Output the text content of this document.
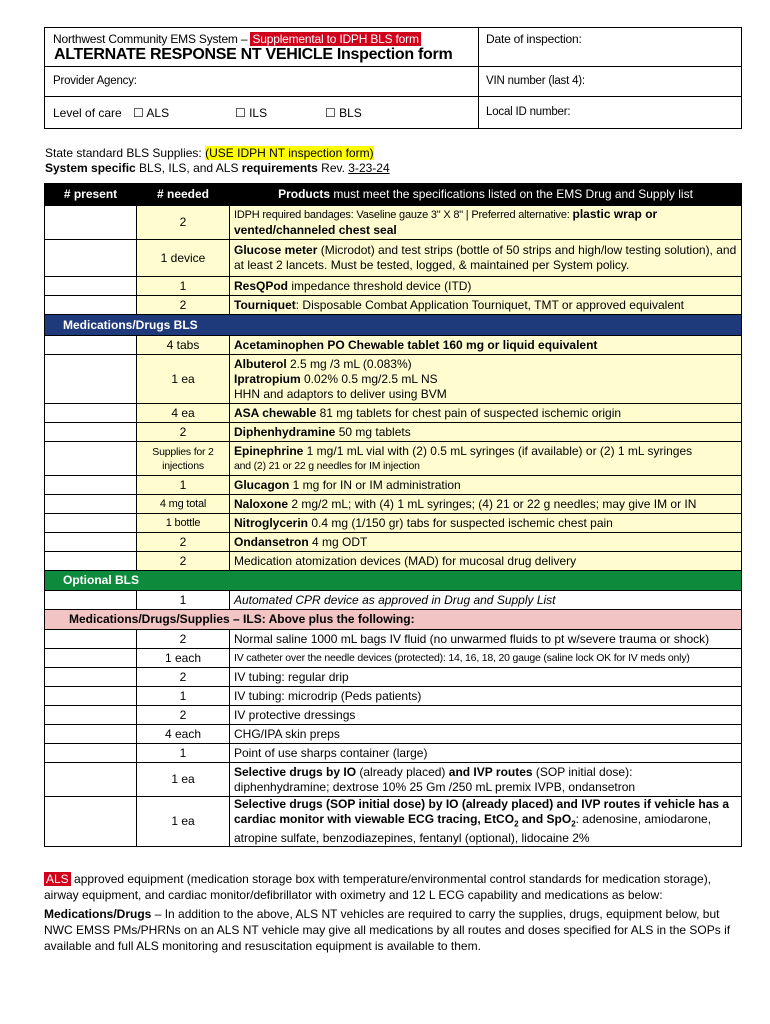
Northwest Community EMS System – Supplemental to IDPH BLS form
ALTERNATE RESPONSE NT VEHICLE Inspection form
Date of inspection:
Provider Agency:	VIN number (last 4):
Level of care ☐ ALS	☐ ILS	☐ BLS	Local ID number:
State standard BLS Supplies: (USE IDPH NT inspection form)
System specific BLS, ILS, and ALS requirements Rev. 3-23-24
# present	# needed	Products must meet the specifications listed on the EMS Drug and Supply list
	2	IDPH required bandages: Vaseline gauze 3" X 8" | Preferred alternative: plastic wrap or vented/channeled chest seal
	1 device	Glucose meter (Microdot) and test strips (bottle of 50 strips and high/low testing solution), and at least 2 lancets. Must be tested, logged, & maintained per System policy.
	1	ResQPod impedance threshold device (ITD)
	2	Tourniquet: Disposable Combat Application Tourniquet, TMT or approved equivalent
Medications/Drugs BLS		
	4 tabs	Acetaminophen PO Chewable tablet 160 mg or liquid equivalent
	1 ea	Albuterol 2.5 mg /3 mL (0.083%)
Ipratropium 0.02% 0.5 mg/2.5 mL NS
HHN and adaptors to deliver using BVM

	4 ea	ASA chewable 81 mg tablets for chest pain of suspected ischemic origin
	2	Diphenhydramine 50 mg tablets
	Supplies for 2 injections	Epinephrine 1 mg/1 mL vial with (2) 0.5 mL syringes (if available) or (2) 1 mL syringes
and (2) 21 or 22 g needles for IM injection

	1	Glucagon 1 mg for IN or IM administration
	4 mg total	Naloxone 2 mg/2 mL; with (4) 1 mL syringes; (4) 21 or 22 g needles; may give IM or IN
	1 bottle	Nitroglycerin 0.4 mg (1/150 gr) tabs for suspected ischemic chest pain
	2	Ondansetron 4 mg ODT
	2	Medication atomization devices (MAD) for mucosal drug delivery
Optional BLS		
	1	Automated CPR device as approved in Drug and Supply List
Medications/Drugs/Supplies – ILS: Above plus the following:		
	2	Normal saline 1000 mL bags IV fluid (no unwarmed fluids to pt w/severe trauma or shock)
	1 each	IV catheter over the needle devices (protected): 14, 16, 18, 20 gauge (saline lock OK for IV meds only)
	2	IV tubing: regular drip
	1	IV tubing: microdrip (Peds patients)
	2	IV protective dressings
	4 each	CHG/IPA skin preps
	1	Point of use sharps container (large)
	1 ea	Selective drugs by IO (already placed) and IVP routes (SOP initial dose):
diphenhydramine; dextrose 10% 25 Gm /250 mL premix IVPB, ondansetron

	1 ea	Selective drugs (SOP initial dose) by IO (already placed) and IVP routes if vehicle has a cardiac monitor with viewable ECG tracing, EtCO$_2$ and SpO$_2$: adenosine, amiodarone, atropine sulfate, benzodiazepines, fentanyl (optional), lidocaine 2%
ALS approved equipment (medication storage box with temperature/environmental control standards for medication storage), airway equipment, and cardiac monitor/defibrillator with oximetry and 12 L ECG capability and medications as below:
Medications/Drugs – In addition to the above, ALS NT vehicles are required to carry the supplies, drugs, equipment below, but NWC EMSS PMs/PHRNs on an ALS NT vehicle may give all medications by all routes and doses specified for ALS in the SOPs if available and full ALS monitoring and resuscitation equipment is available to them.
